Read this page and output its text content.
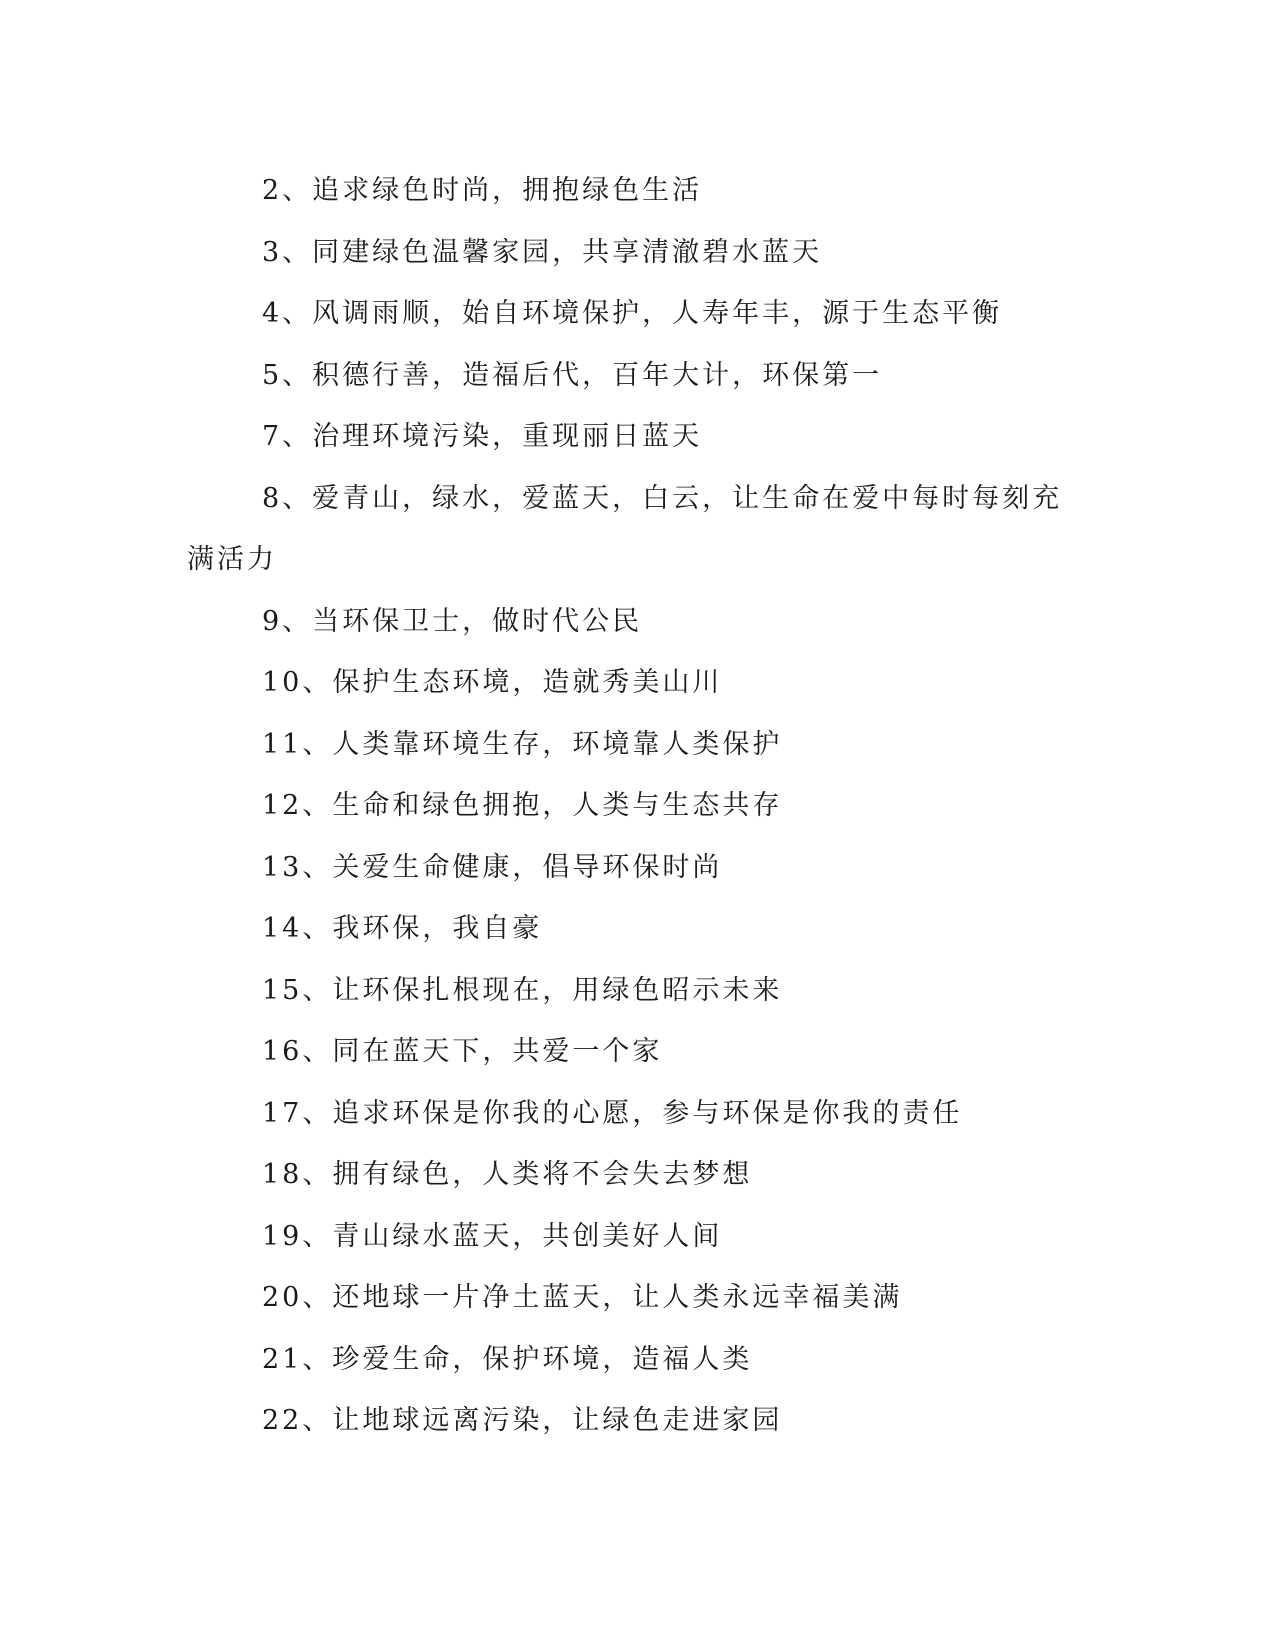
2、追求绿色时尚，拥抱绿色生活

3、同建绿色温馨家园，共享清澈碧水蓝天

4、风调雨顺，始自环境保护，人寿年丰，源于生态平衡

5、积德行善，造福后代，百年大计，环保第一

7、治理环境污染，重现丽日蓝天

8、爱青山，绿水，爱蓝天，白云，让生命在爱中每时每刻充满活力

9、当环保卫士，做时代公民

10、保护生态环境，造就秀美山川

11、人类靠环境生存，环境靠人类保护

12、生命和绿色拥抱，人类与生态共存

13、关爱生命健康，倡导环保时尚

14、我环保，我自豪

15、让环保扎根现在，用绿色昭示未来

16、同在蓝天下，共爱一个家

17、追求环保是你我的心愿，参与环保是你我的责任

18、拥有绿色，人类将不会失去梦想

19、青山绿水蓝天，共创美好人间

20、还地球一片净土蓝天，让人类永远幸福美满

21、珍爱生命，保护环境，造福人类

22、让地球远离污染，让绿色走进家园
